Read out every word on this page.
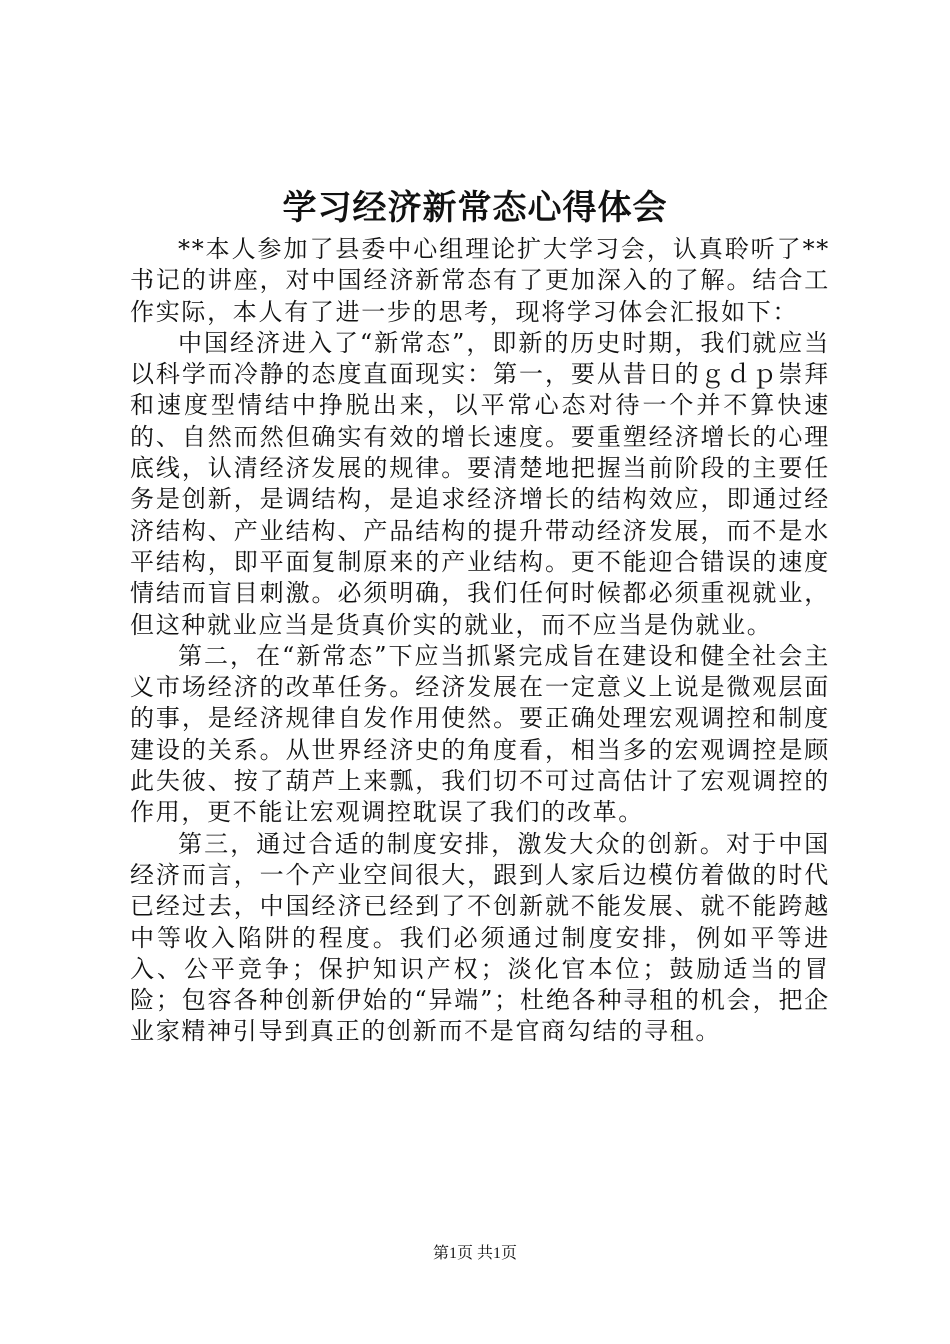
学习经济新常态心得体会

**本人参加了县委中心组理论扩大学习会，认真聆听了**书记的讲座，对中国经济新常态有了更加深入的了解。结合工作实际，本人有了进一步的思考，现将学习体会汇报如下：

中国经济进入了“新常态”，即新的历史时期，我们就应当以科学而冷静的态度直面现实：第一，要从昔日的ｇｄｐ崇拜和速度型情结中挣脱出来，以平常心态对待一个并不算快速的、自然而然但确实有效的增长速度。要重塑经济增长的心理底线，认清经济发展的规律。要清楚地把握当前阶段的主要任务是创新，是调结构，是追求经济增长的结构效应，即通过经济结构、产业结构、产品结构的提升带动经济发展，而不是水平结构，即平面复制原来的产业结构。更不能迎合错误的速度情结而盲目刺激。必须明确，我们任何时候都必须重视就业，但这种就业应当是货真价实的就业，而不应当是伪就业。

第二，在“新常态”下应当抓紧完成旨在建设和健全社会主义市场经济的改革任务。经济发展在一定意义上说是微观层面的事，是经济规律自发作用使然。要正确处理宏观调控和制度建设的关系。从世界经济史的角度看，相当多的宏观调控是顾此失彼、按了葫芦上来瓢，我们切不可过高估计了宏观调控的作用，更不能让宏观调控耽误了我们的改革。

第三，通过合适的制度安排，激发大众的创新。对于中国经济而言，一个产业空间很大，跟到人家后边模仿着做的时代已经过去，中国经济已经到了不创新就不能发展、就不能跨越中等收入陷阱的程度。我们必须通过制度安排，例如平等进入、公平竞争；保护知识产权；淡化官本位；鼓励适当的冒险；包容各种创新伊始的“异端”；杜绝各种寻租的机会，把企业家精神引导到真正的创新而不是官商勾结的寻租。

第1页 共1页
